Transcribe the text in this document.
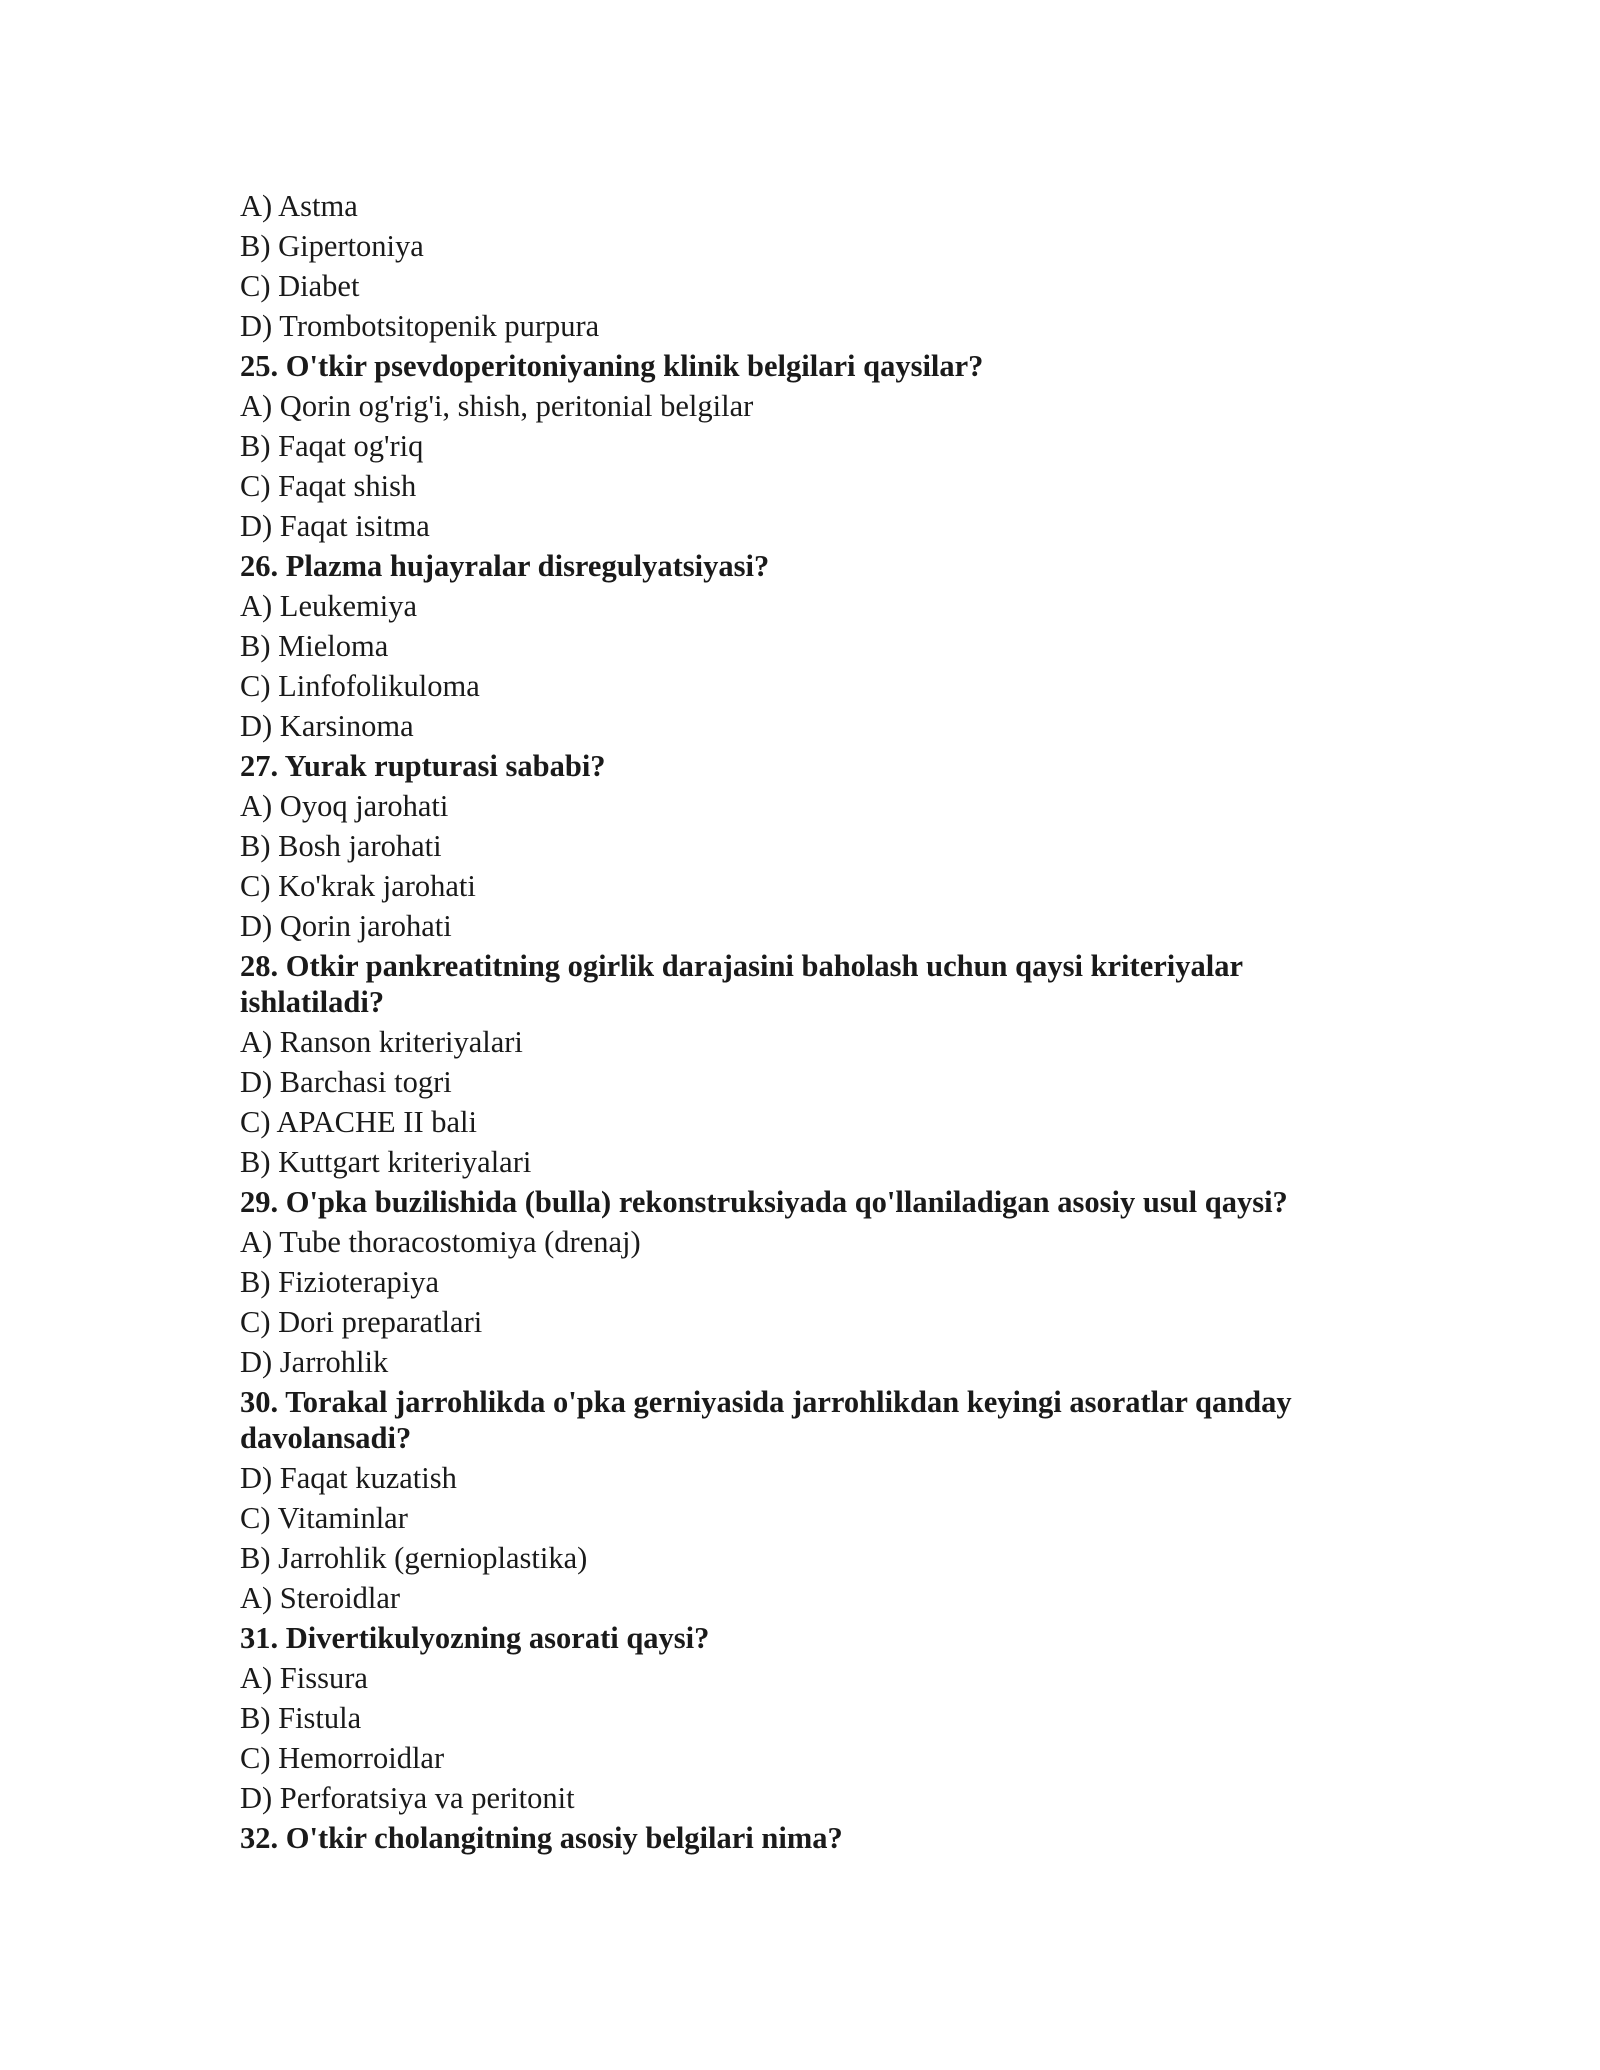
A) Astma

B) Gipertoniya

C) Diabet

D) Trombotsitopenik purpura

25. O'tkir psevdoperitoniyaning klinik belgilari qaysilar?

A) Qorin og'rig'i, shish, peritonial belgilar

B) Faqat og'riq

C) Faqat shish

D) Faqat isitma

26. Plazma hujayralar disregulyatsiyasi?

A) Leukemiya

B) Mieloma

C) Linfofolikuloma

D) Karsinoma

27. Yurak rupturasi sababi?

A) Oyoq jarohati

B) Bosh jarohati

C) Ko'krak jarohati

D) Qorin jarohati

28. Otkir pankreatitning ogirlik darajasini baholash uchun qaysi kriteriyalar ishlatiladi?

A) Ranson kriteriyalari

D) Barchasi togri

C) APACHE II bali

B) Kuttgart kriteriyalari

29. O'pka buzilishida (bulla) rekonstruksiyada qo'llaniladigan asosiy usul qaysi?

A) Tube thoracostomiya (drenaj)

B) Fizioterapiya

C) Dori preparatlari

D) Jarrohlik

30. Torakal jarrohlikda o'pka gerniyasida jarrohlikdan keyingi asoratlar qanday davolansadi?

D) Faqat kuzatish

C) Vitaminlar

B) Jarrohlik (gernioplastika)

A) Steroidlar

31. Divertikulyozning asorati qaysi?

A) Fissura

B) Fistula

C) Hemorroidlar

D) Perforatsiya va peritonit

32. O'tkir cholangitning asosiy belgilari nima?
